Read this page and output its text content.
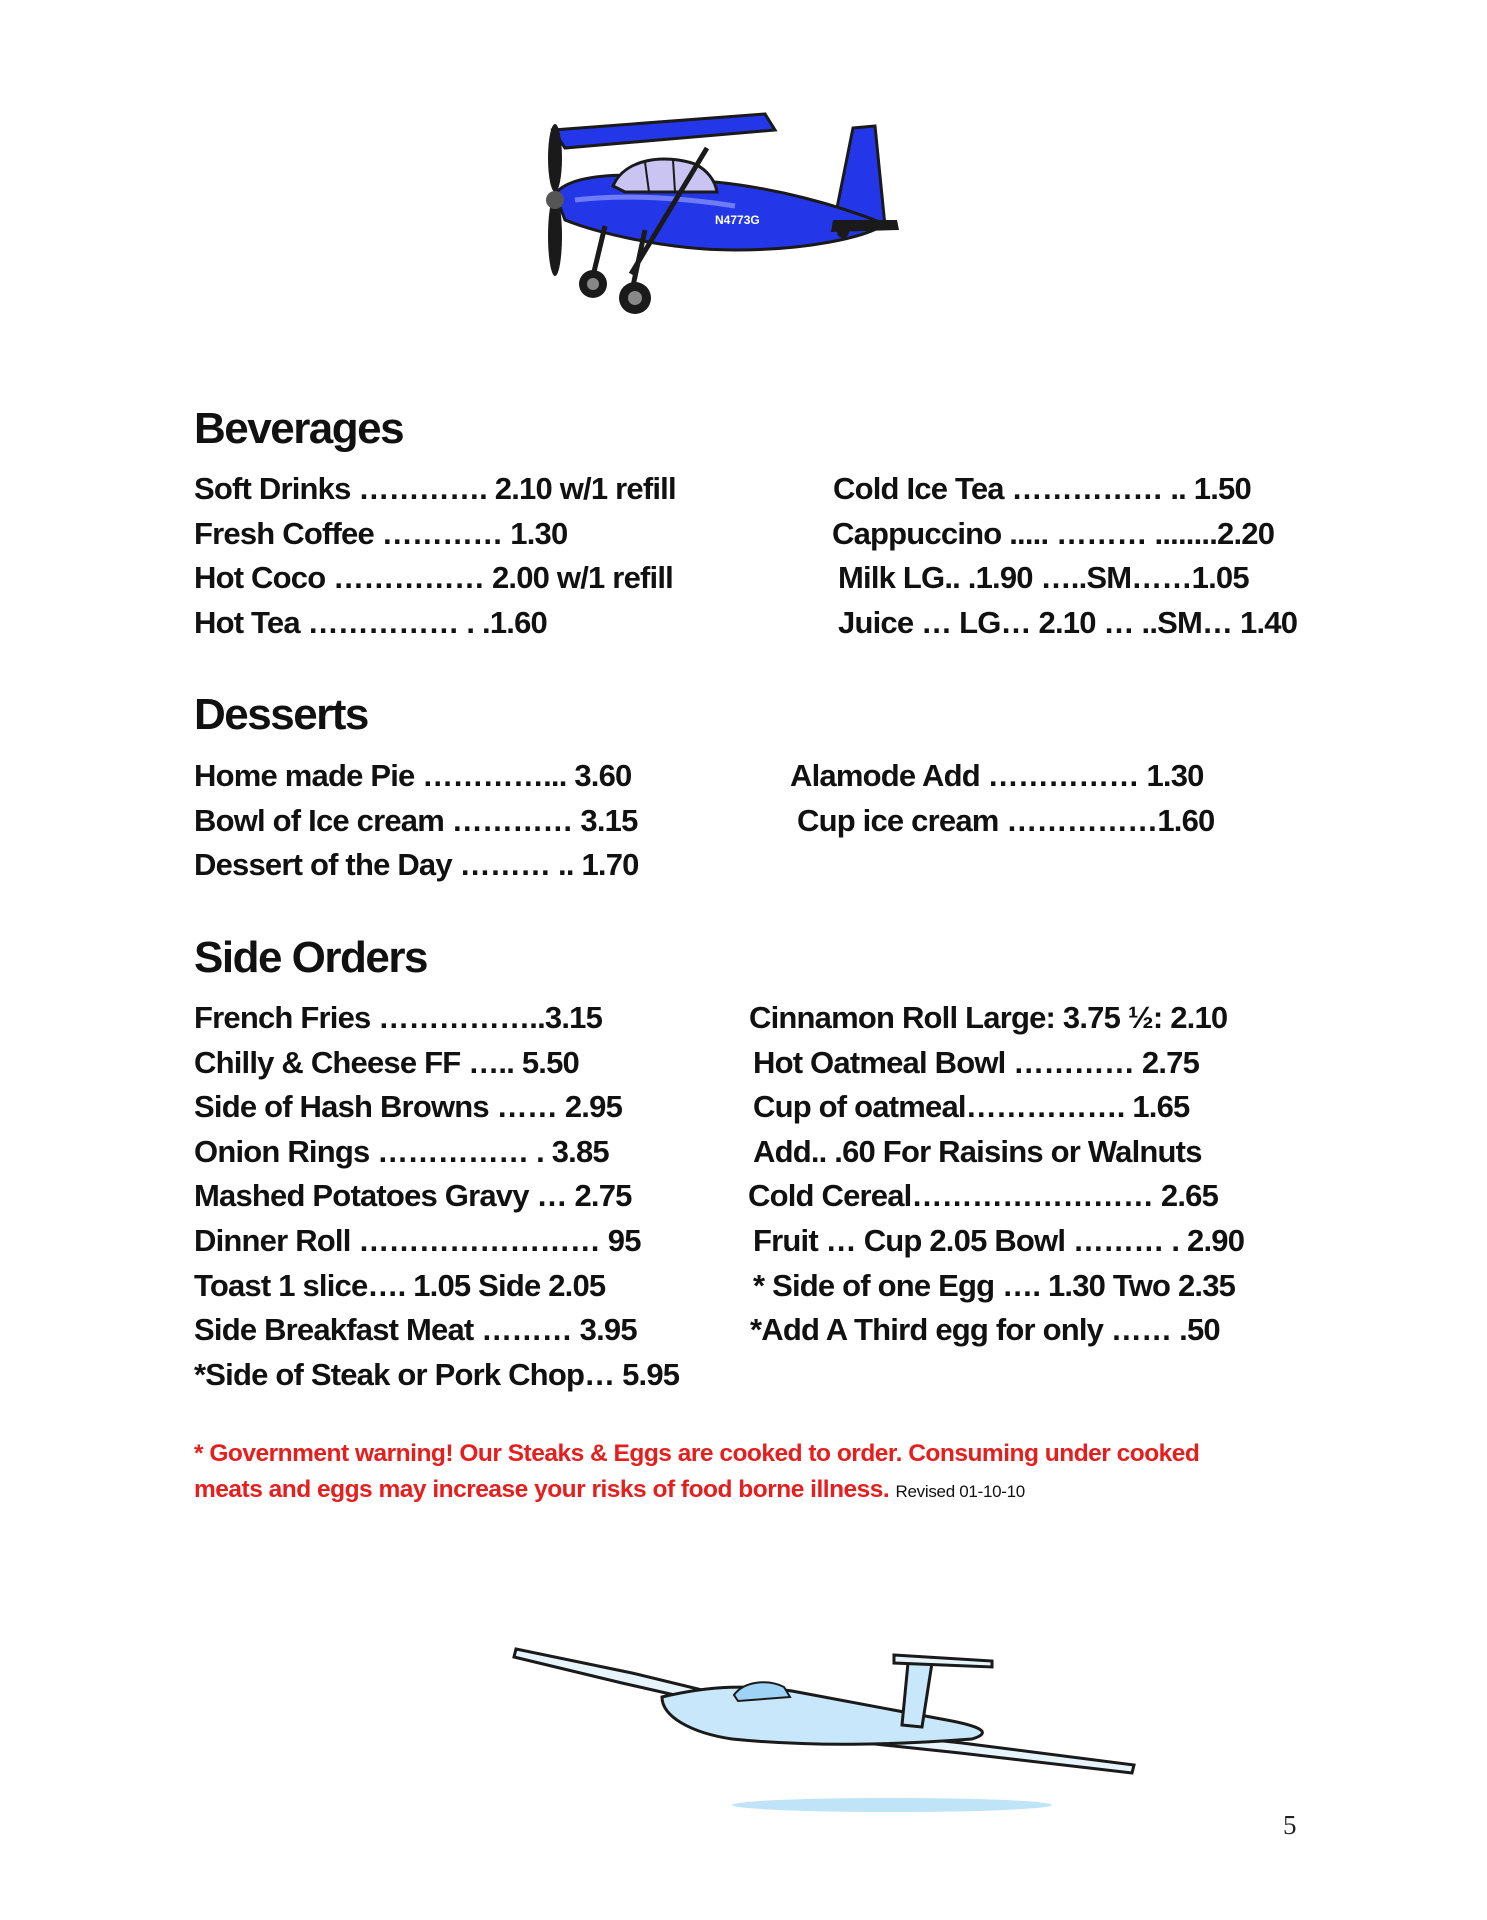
N4773G
Beverages
Soft Drinks …………. 2.10 w/1 refill
Fresh Coffee ………… 1.30
Hot Coco …………… 2.00 w/1 refill
Hot Tea …………… . .1.60
Cold Ice Tea …………… .. 1.50
Cappuccino ..... ……… ........2.20
Milk LG.. .1.90 …..SM……1.05
Juice … LG… 2.10 … ..SM… 1.40
Desserts
Home made Pie …………... 3.60
Bowl of Ice cream ………… 3.15
Dessert of the Day ……… .. 1.70
Alamode Add …………… 1.30
Cup ice cream ……………1.60
Side Orders
French Fries ……………..3.15
Chilly & Cheese FF ….. 5.50
Side of Hash Browns …… 2.95
Onion Rings …………… . 3.85
Mashed Potatoes Gravy … 2.75
Dinner Roll …………………… 95
Toast 1 slice…. 1.05 Side 2.05
Side Breakfast Meat ……… 3.95
*Side of Steak or Pork Chop… 5.95
Cinnamon Roll Large: 3.75 ½: 2.10
Hot Oatmeal Bowl ………… 2.75
Cup of oatmeal……………. 1.65
Add.. .60 For Raisins or Walnuts
Cold Cereal…………………… 2.65
Fruit … Cup 2.05 Bowl ……… . 2.90
* Side of one Egg …. 1.30 Two 2.35
*Add A Third egg for only …… .50
* Government warning! Our Steaks & Eggs are cooked to order. Consuming under cooked meats and eggs may increase your risks of food borne illness. Revised 01-10-10
5
